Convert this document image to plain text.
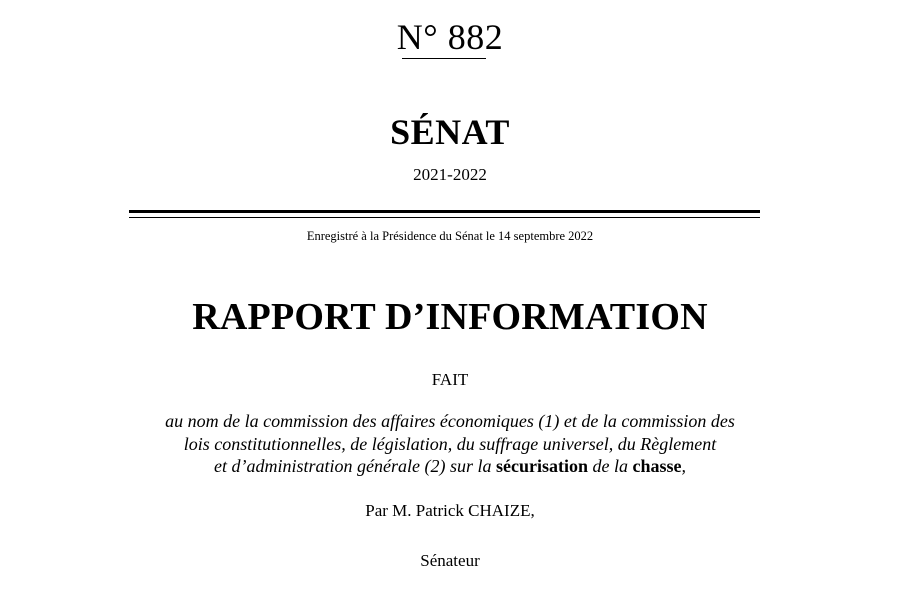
N° 882
SÉNAT
2021-2022
Enregistré à la Présidence du Sénat le 14 septembre 2022
RAPPORT D’INFORMATION
FAIT
au nom de la commission des affaires économiques (1) et de la commission des
lois constitutionnelles, de législation, du suffrage universel, du Règlement
et d’administration générale (2) sur la sécurisation de la chasse,
Par M. Patrick CHAIZE,
Sénateur
